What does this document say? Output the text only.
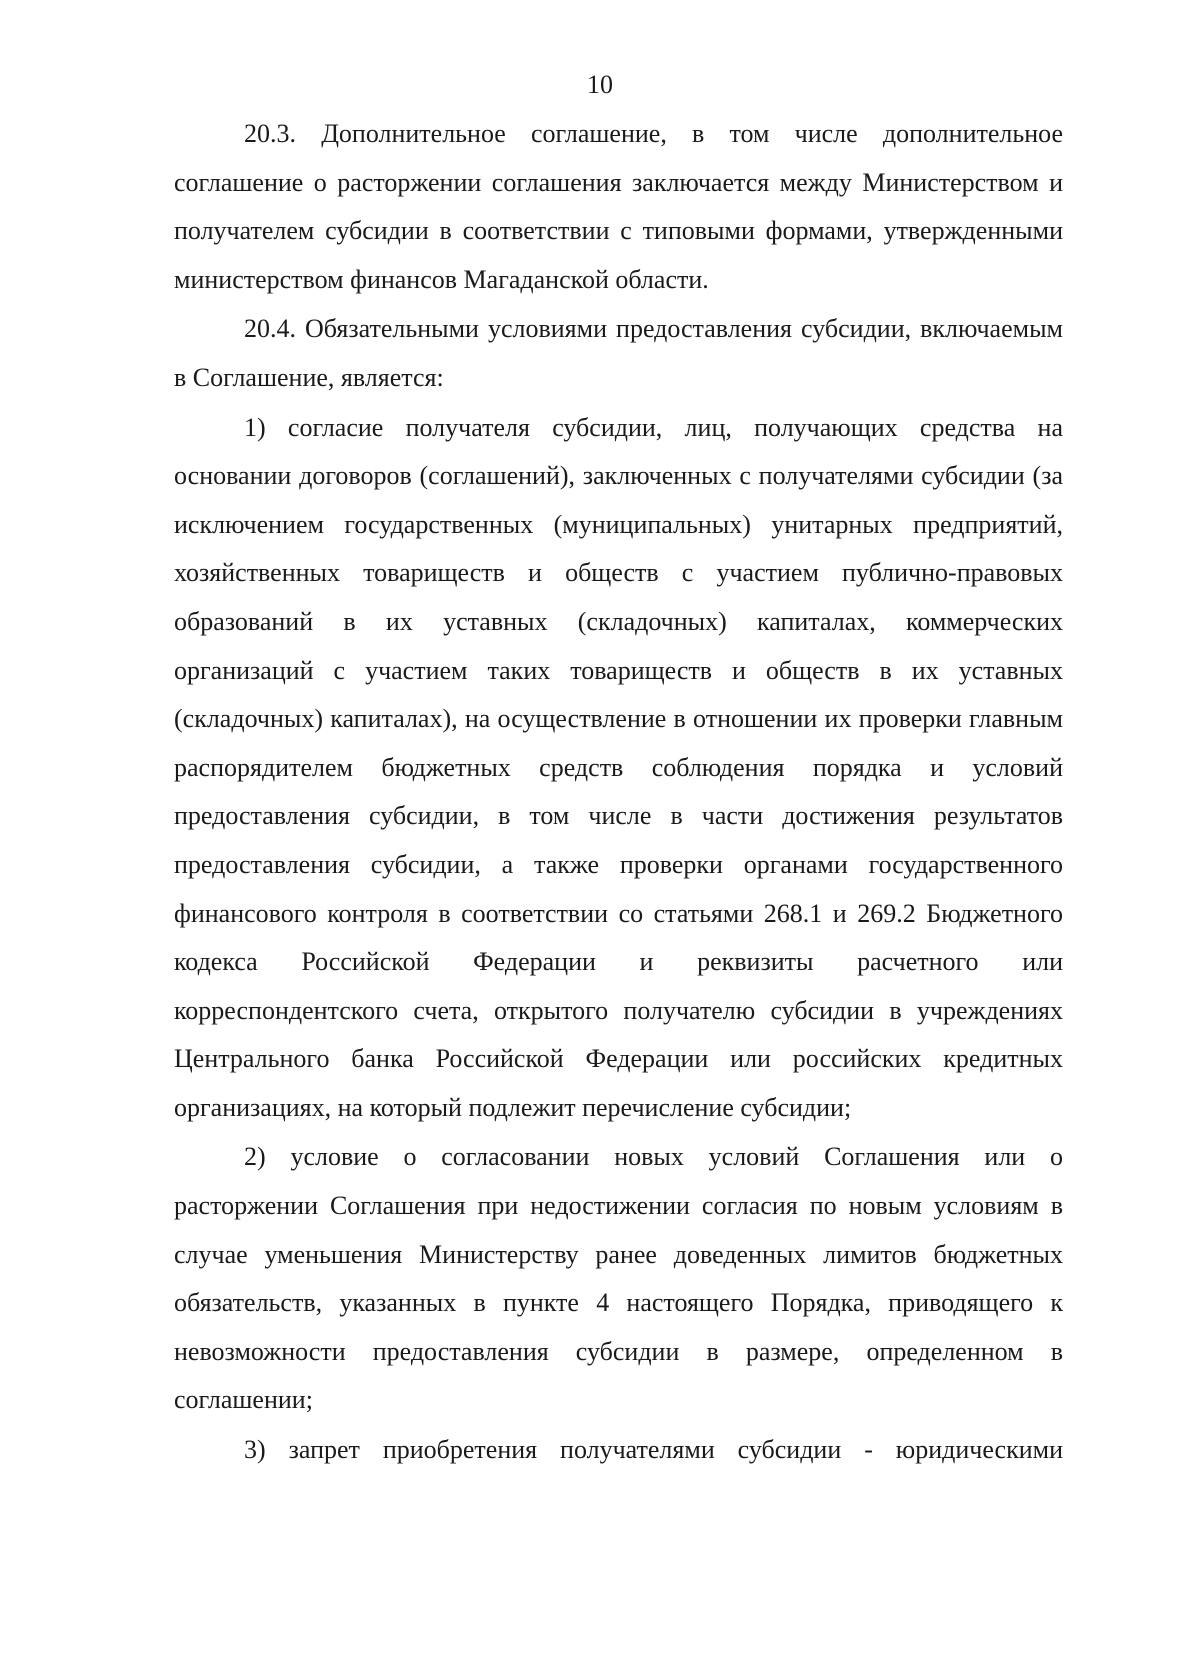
10

20.3. Дополнительное соглашение, в том числе дополнительное соглашение о расторжении соглашения заключается между Министерством и получателем субсидии в соответствии с типовыми формами, утвержденными министерством финансов Магаданской области.

20.4. Обязательными условиями предоставления субсидии, включаемым в Соглашение, является:

1) согласие получателя субсидии, лиц, получающих средства на основании договоров (соглашений), заключенных с получателями субсидии (за исключением государственных (муниципальных) унитарных предприятий, хозяйственных товариществ и обществ с участием публично-правовых образований в их уставных (складочных) капиталах, коммерческих организаций с участием таких товариществ и обществ в их уставных (складочных) капиталах), на осуществление в отношении их проверки главным распорядителем бюджетных средств соблюдения порядка и условий предоставления субсидии, в том числе в части достижения результатов предоставления субсидии, а также проверки органами государственного финансового контроля в соответствии со статьями 268.1 и 269.2 Бюджетного кодекса Российской Федерации и реквизиты расчетного или корреспондентского счета, открытого получателю субсидии в учреждениях Центрального банка Российской Федерации или российских кредитных организациях, на который подлежит перечисление субсидии;

2) условие о согласовании новых условий Соглашения или о расторжении Соглашения при недостижении согласия по новым условиям в случае уменьшения Министерству ранее доведенных лимитов бюджетных обязательств, указанных в пункте 4 настоящего Порядка, приводящего к невозможности предоставления субсидии в размере, определенном в соглашении;

3) запрет приобретения получателями субсидии - юридическими
